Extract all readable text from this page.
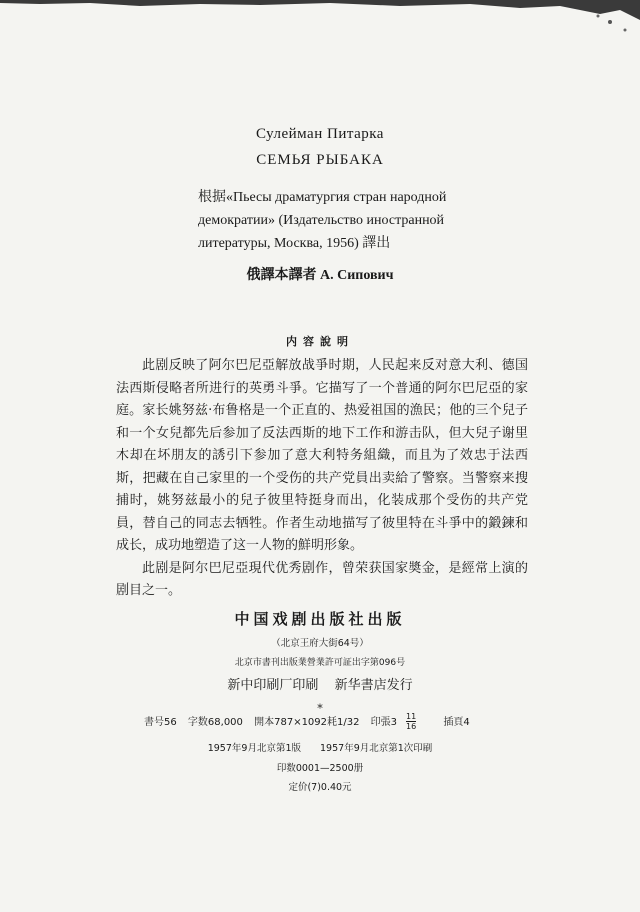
Сулейман Питарка
СЕМЬЯ РЫБАКА

根据«Пьесы драматургия стран народной

демократии» (Издательство иностранной

литературы, Москва, 1956) 譯出

俄譯本譯者 А. Сипович
内容說明

此剧反映了阿尔巴尼亞解放战爭时期，人民起来反对意大利、德国法西斯侵略者所进行的英勇斗爭。它描写了一个普通的阿尔巴尼亞的家庭。家长姚努兹·布鲁格是一个正直的、热爱祖国的漁民；他的三个兒子和一个女兒都先后参加了反法西斯的地下工作和游击队，但大兒子谢里木却在坏朋友的誘引下参加了意大利特务組織，而且为了效忠于法西斯，把藏在自己家里的一个受伤的共产党員出卖給了警察。当警察来搜捕时，姚努兹最小的兒子彼里特挺身而出，化装成那个受伤的共产党員，替自己的同志去牺牲。作者生动地描写了彼里特在斗爭中的鍛鍊和成长，成功地塑造了这一人物的鮮明形象。

此剧是阿尔巴尼亞現代优秀剧作，曾荣获国家奬金，是經常上演的剧目之一。

中国戏剧出版社出版
（北京王府大街64号）
北京市書刊出版業營業許可証出字第096号
新中印刷厂印刷 新华書店发行
*
書号56 字数68,000 開本787×1092耗1/32 印張$3 \frac{11}{16}$ 插頁4
1957年9月北京第1版 1957年9月北京第1次印刷
印数0001—2500册
定价(7)0.40元
